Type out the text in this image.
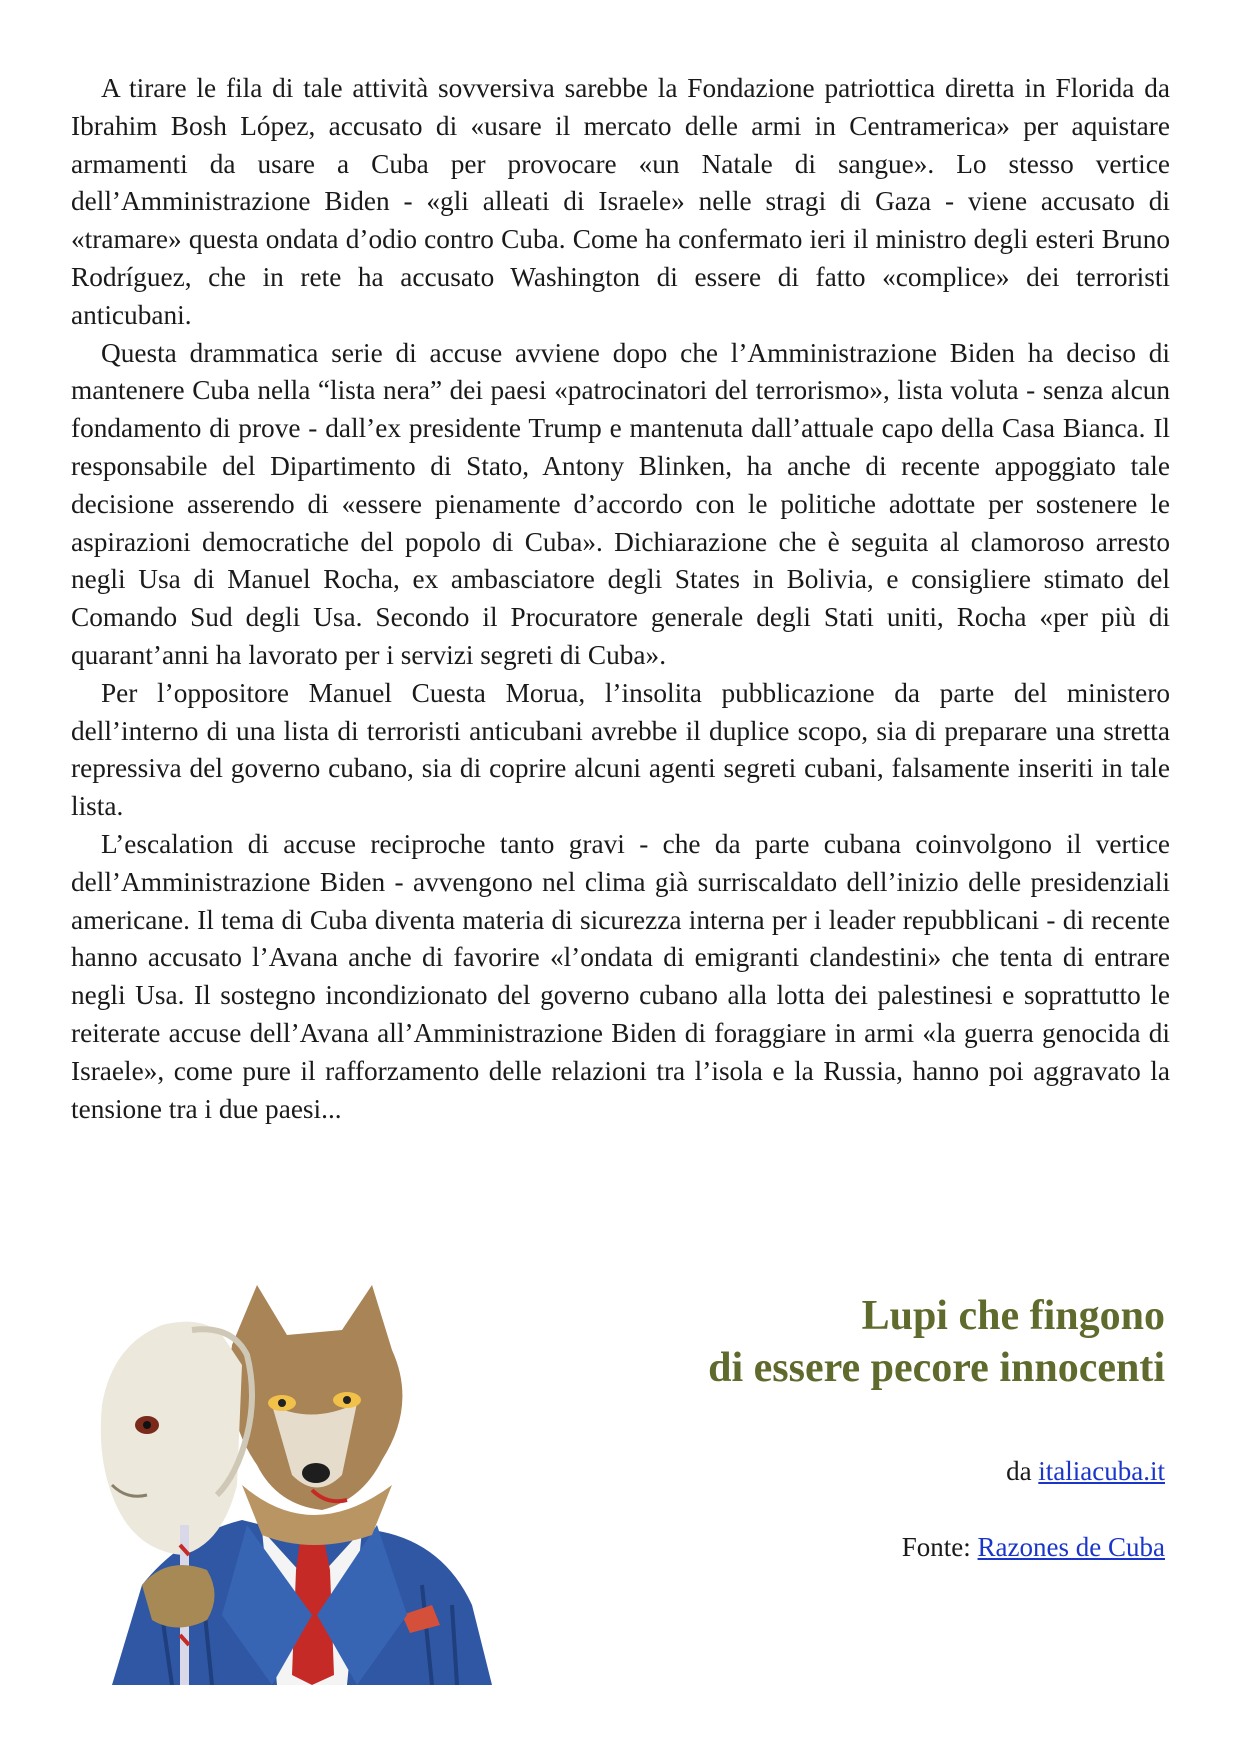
A tirare le fila di tale attività sovversiva sarebbe la Fondazione patriottica diretta in Florida da Ibrahim Bosh López, accusato di «usare il mercato delle armi in Centramerica» per aquistare armamenti da usare a Cuba per provocare «un Natale di sangue». Lo stesso vertice dell’Amministrazione Biden - «gli alleati di Israele» nelle stragi di Gaza - viene accusato di «tramare» questa ondata d’odio contro Cuba. Come ha confermato ieri il ministro degli esteri Bruno Rodríguez, che in rete ha accusato Washington di essere di fatto «complice» dei terroristi anticubani.

Questa drammatica serie di accuse avviene dopo che l’Amministrazione Biden ha deciso di mantenere Cuba nella “lista nera” dei paesi «patrocinatori del terrorismo», lista voluta - senza alcun fondamento di prove - dall’ex presidente Trump e mantenuta dall’attuale capo della Casa Bianca. Il responsabile del Dipartimento di Stato, Antony Blinken, ha anche di recente appoggiato tale decisione asserendo di «essere pienamente d’accordo con le politiche adottate per sostenere le aspirazioni democratiche del popolo di Cuba». Dichiarazione che è seguita al clamoroso arresto negli Usa di Manuel Rocha, ex ambasciatore degli States in Bolivia, e consigliere stimato del Comando Sud degli Usa. Secondo il Procuratore generale degli Stati uniti, Rocha «per più di quarant’anni ha lavorato per i servizi segreti di Cuba».

Per l’oppositore Manuel Cuesta Morua, l’insolita pubblicazione da parte del ministero dell’interno di una lista di terroristi anticubani avrebbe il duplice scopo, sia di preparare una stretta repressiva del governo cubano, sia di coprire alcuni agenti segreti cubani, falsamente inseriti in tale lista.

L’escalation di accuse reciproche tanto gravi - che da parte cubana coinvolgono il vertice dell’Amministrazione Biden - avvengono nel clima già surriscaldato dell’inizio delle presidenziali americane. Il tema di Cuba diventa materia di sicurezza interna per i leader repubblicani - di recente hanno accusato l’Avana anche di favorire «l’ondata di emigranti clandestini» che tenta di entrare negli Usa. Il sostegno incondizionato del governo cubano alla lotta dei palestinesi e soprattutto le reiterate accuse dell’Avana all’Amministrazione Biden di foraggiare in armi «la guerra genocida di Israele», come pure il rafforzamento delle relazioni tra l’isola e la Russia, hanno poi aggravato la tensione tra i due paesi...

Lupi che fingono
di essere pecore innocenti
da italiacuba.it
Fonte: Razones de Cuba
